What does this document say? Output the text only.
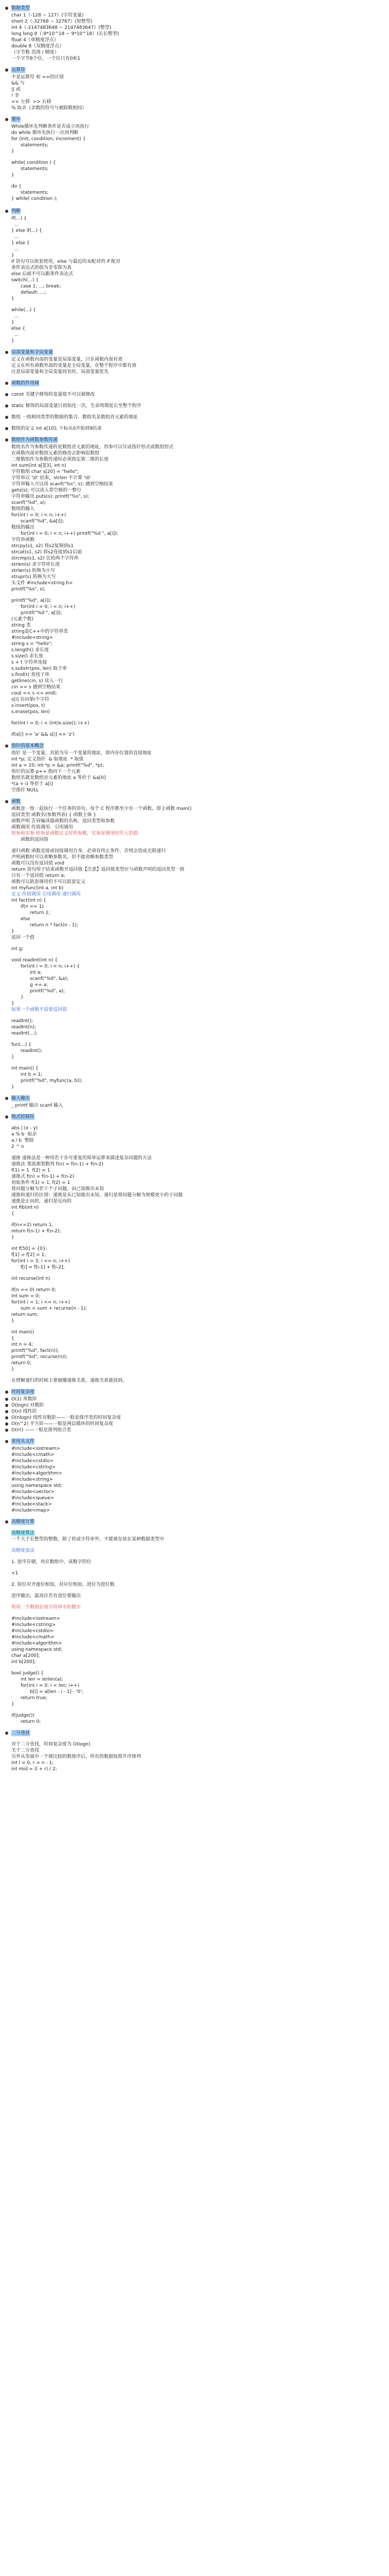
数据类型
char 1（-128 ~ 127）(字符变量)
short 2（-32768 ~ 32767）(短整型)
int 4（-2147483648 ~ 2147483647）(整型)
long long 8（-9*10^18 ~ 9*10^18）(长长整型)
float 4（单精度浮点）
double 8（双精度浮点）
（字节数 范围 / 精度）
一个字节8个位，一个位只有0和1
运算符
不是运算符 和 ==的区别
&& 与
|| 或
! 非
<< 左移  >> 右移
% 取余（余数的符号与被除数相同）
循环
While循环先判断条件是否成立再执行
do while 循环先执行一次再判断
for (init; condition; increment) {
statements;
}
while( condition ) {
statements;
}
do {
statements;
} while( condition );
判断
if(...) {
...
} else if(...) {
...
} else {
...
}
if 语句可以嵌套使用，else 与最近的未配对的 if 配对
条件表达式的值为非零即为真
else 后面不可以跟条件表达式
switch(...) {
case 1: ...; break;
default: ...;
}
while(...) {
...
}
else {
...
}
局部变量和全局变量
定义在函数内部的变量是局部变量，只在函数内部有效
定义在所有函数外部的变量是全局变量，在整个程序中都有效
注意局部变量和全局变量同名时，局部变量优先
函数的作用域
const 关键字修饰的变量值不可以被修改
static 修饰的局部变量只初始化一次，生命周期延长至整个程序
数组 一组相同类型的数据的集合，数组名是数组首元素的地址
数组的定义 int a[10]; 下标从0开始到9结束
数组作为函数参数传递
数组名作为参数传递的是数组首元素的地址，形参可以写成指针形式或数组形式
在函数内部对数组元素的修改会影响原数组
二维数组作为参数传递时必须指定第二维的长度
int sum(int a[][3], int n)
字符数组 char s[20] = "hello";
字符串以 '\0' 结束，strlen 不计算 '\0'
字符串输入可以用 scanf("%s", s); 遇到空格结束
gets(s); 可以读入带空格的一整行
字符串输出 puts(s); printf("%s", s);
scanf("%d", a);
数组的输入
for(int i = 0; i < n; i++)
scanf("%d", &a[i]);
数组的输出
for(int i = 0; i < n; i++) printf("%d ", a[i]);
字符串函数
strcpy(s1, s2) 将s2复制到s1
strcat(s1, s2) 将s2连接到s1后面
strcmp(s1, s2) 比较两个字符串
strlen(s) 求字符串长度
strlwr(s) 转换为小写
strupr(s) 转换为大写
头文件 #include<string.h>
printf("%s", s);
printf("%d", a[i]);
for(int i = 0; i < n; i++)
printf("%d ", a[i]);
(元素个数)
string 类
string是C++中的字符串类
#include<string>
string s = "hello";
s.length() 求长度
s.size() 求长度
s + t 字符串连接
s.substr(pos, len) 取子串
s.find(t) 查找子串
getline(cin, s) 读入一行
cin >> s 遇到空格结束
cout << s << endl;
s[i] 访问第i个字符
s.insert(pos, t)
s.erase(pos, len)
for(int i = 0; i < (int)s.size(); i++)
if(s[i] >= 'a' && s[i] <= 'z')
指针的基本概念
指针 是一个变量，其值为另一个变量的地址，即内存位置的直接地址
int *p; 定义指针  & 取地址  * 取值
int a = 10; int *p = &a; printf("%d", *p);
指针的运算 p++ 指向下一个元素
数组名就是数组首元素的地址 a 等价于 &a[0]
*(a + i) 等价于 a[i]
空指针 NULL
函数
函数是一组一起执行一个任务的语句，每个 C 程序都至少有一个函数，即主函数 main()
返回类型 函数名(参数列表) { 函数主体 }
函数声明 告诉编译器函数的名称、返回类型和参数
函数调用 传值调用、引用调用
形参和实参 形参是函数定义时的参数，实参是调用时传入的值
函数的返回值
递归函数 函数直接或间接调用自身，必须有终止条件，否则会造成无限递归
声明函数时可以省略参数名，但不能省略参数类型
函数可以没有返回值 void
return 语句用于结束函数并返回值【注意】返回值类型应与函数声明的返回类型一致
只有一个返回值 return a;
函数可以嵌套调用但不可以嵌套定义
int myfunc(int a, int b)
定义 传值调用 引用调用 递归调用
int fact(int n) {
if(n == 1)
return 1;
else
return n * fact(n - 1);
}
返回一个值
int g;
void readInt(int n) {
for(int i = 0; i < n; i++) {
int a;
scanf("%d", &a);
g += a;
printf("%d", a);
}
}
如果一个函数不需要返回值
readInt();
readInt(n);
readInt(...);
fun(...) {
readInt();
}
int main() {
int b = 1;
printf("%d", myfunc(a, b));
}
输入输出
_ printf 输出 scanf 输入
格式控制符
abs | (x - y)
a % b  取余
a / b  整除
2 ^ n
递推 递推法是一种用若干步可重复的简单运算来描述复杂问题的方法
递推法 斐波那契数列 f(n) = f(n-1) + f(n-2)
f(1) = 1  f(2) = 1
递推式 f(n) = f(n-1) + f(n-2)
初始条件 f(1) = 1, f(2) = 1
将问题分解为若干个子问题，由已知推出未知
递推和递归的区别：递推是从已知推出未知，递归是将问题分解为规模更小的子问题
递推是正向的，递归是反向的
int fib(int n)
{
if(n<=2) return 1;
return f(n-1) + f(n-2);
}
int f[50] = {0};
f[1] = f[2] = 1;
for(int i = 3; i <= n; i++)
f[i] = f[i-1] + f[i-2];
int recurse(int n)
if(n == 0) return 0;
int sum = 0;
for(int i = 1; i <= n; i++)
sum = sum + recurse(n - 1);
return sum;
}
int main()
{
int n = 4;
printf("%d", fact(n));
printf("%d", recurse(n));
return 0;
}
在理解递归的时候主要搞懂递推关系，递推关系能找到，
时间复杂度
O(1) 常数阶
O(logn) 对数阶
O(n) 线性阶
O(nlogn) 线性对数阶——一般是排序类的时间复杂度
O(n^2) 平方阶——一般是两层循环的时间复杂度
O(n!) ——一般是排列组合类
常用头文件
#include<iostream>
#include<cmath>
#include<cstdio>
#include<cstring>
#include<algorithm>
#include<string>
using namespace std;
#include<vector>
#include<queue>
#include<stack>
#include<map>
高精度计算
高精度算法
一个大于长整型的整数，除了转成字符串外，不能被存放在某种数据类型中
高精度加法
1. 逆序存储，对应数组中，该数字的位
+1
2. 按位对齐逐位相加，对应位相加，进位为进位数
逆序输出，最高位若有进位要输出
利用一个数组存放字符串中的数字
#include<iostream>
#include<cstring>
#include<cstdio>
#include<cmath>
#include<algorithm>
using namespace std;
char a[200];
int b[200];
bool judge() {
int len = strlen(a);
for(int i = 0; i < len; i++)
b[i] = a[len - i - 1] - '0';
return true;
}
if(judge())
return 0;
二分查找
对于二分查找，时间复杂度为 O(logn)
关于二分查找
另外从里面中一个被比较的数排序后，所有的数据按照升序排列
int l = 0, r = n - 1;
int mid = (l + r) / 2;
